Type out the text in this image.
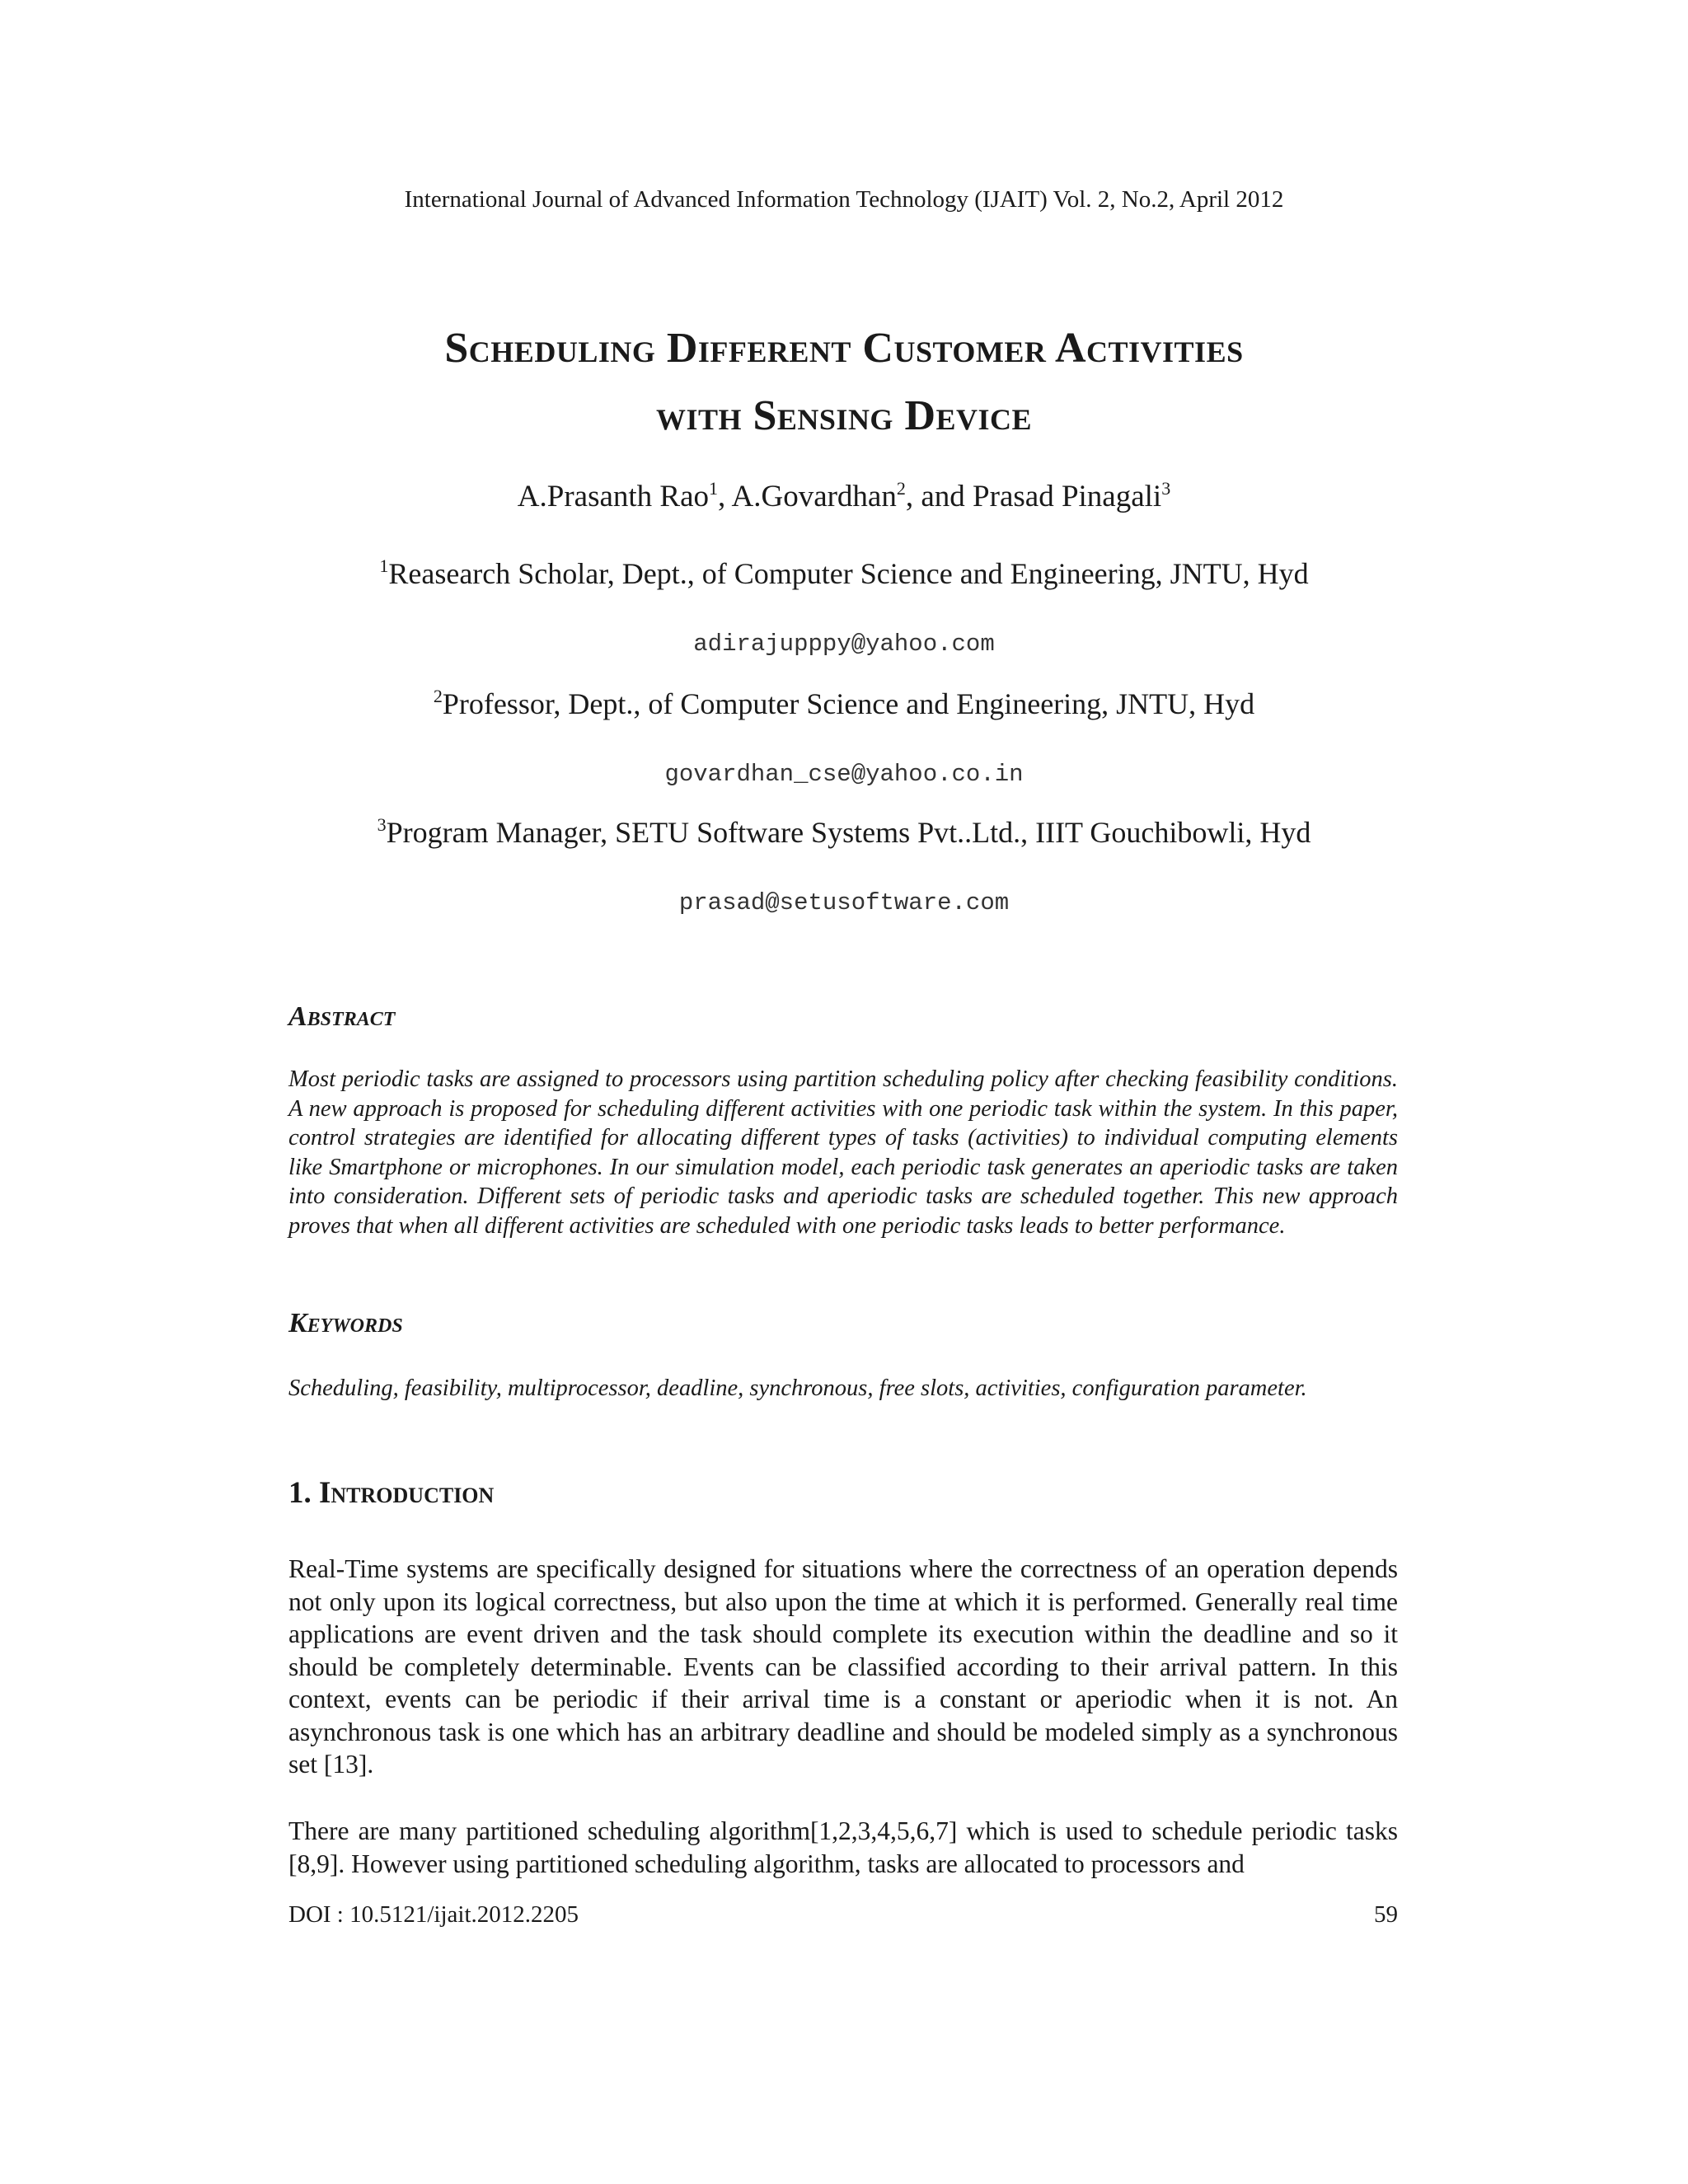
International Journal of Advanced Information Technology (IJAIT) Vol. 2, No.2, April 2012
Scheduling Different Customer Activities
with Sensing Device
A.Prasanth Rao$^1$, A.Govardhan$^2$, and Prasad Pinagali$^3$
$^1$Reasearch Scholar, Dept., of Computer Science and Engineering, JNTU, Hyd
adirajupppy@yahoo.com
$^2$Professor, Dept., of Computer Science and Engineering, JNTU, Hyd
govardhan_cse@yahoo.co.in
$^3$Program Manager, SETU Software Systems Pvt..Ltd., IIIT Gouchibowli, Hyd
prasad@setusoftware.com
Abstract
Most periodic tasks are assigned to processors using partition scheduling policy after checking feasibility conditions. A new approach is proposed for scheduling different activities with one periodic task within the system. In this paper, control strategies are identified for allocating different types of tasks (activities) to individual computing elements like Smartphone or microphones. In our simulation model, each periodic task generates an aperiodic tasks are taken into consideration. Different sets of periodic tasks and aperiodic tasks are scheduled together. This new approach proves that when all different activities are scheduled with one periodic tasks leads to better performance.
Keywords
Scheduling, feasibility, multiprocessor, deadline, synchronous, free slots, activities, configuration parameter.
1. Introduction
Real-Time systems are specifically designed for situations where the correctness of an operation depends not only upon its logical correctness, but also upon the time at which it is performed. Generally real time applications are event driven and the task should complete its execution within the deadline and so it should be completely determinable. Events can be classified according to their arrival pattern. In this context, events can be periodic if their arrival time is a constant or aperiodic when it is not. An asynchronous task is one which has an arbitrary deadline and should be modeled simply as a synchronous set [13].
There are many partitioned scheduling algorithm[1,2,3,4,5,6,7] which is used to schedule periodic tasks [8,9]. However using partitioned scheduling algorithm, tasks are allocated to processors and
DOI : 10.5121/ijait.2012.2205	59
